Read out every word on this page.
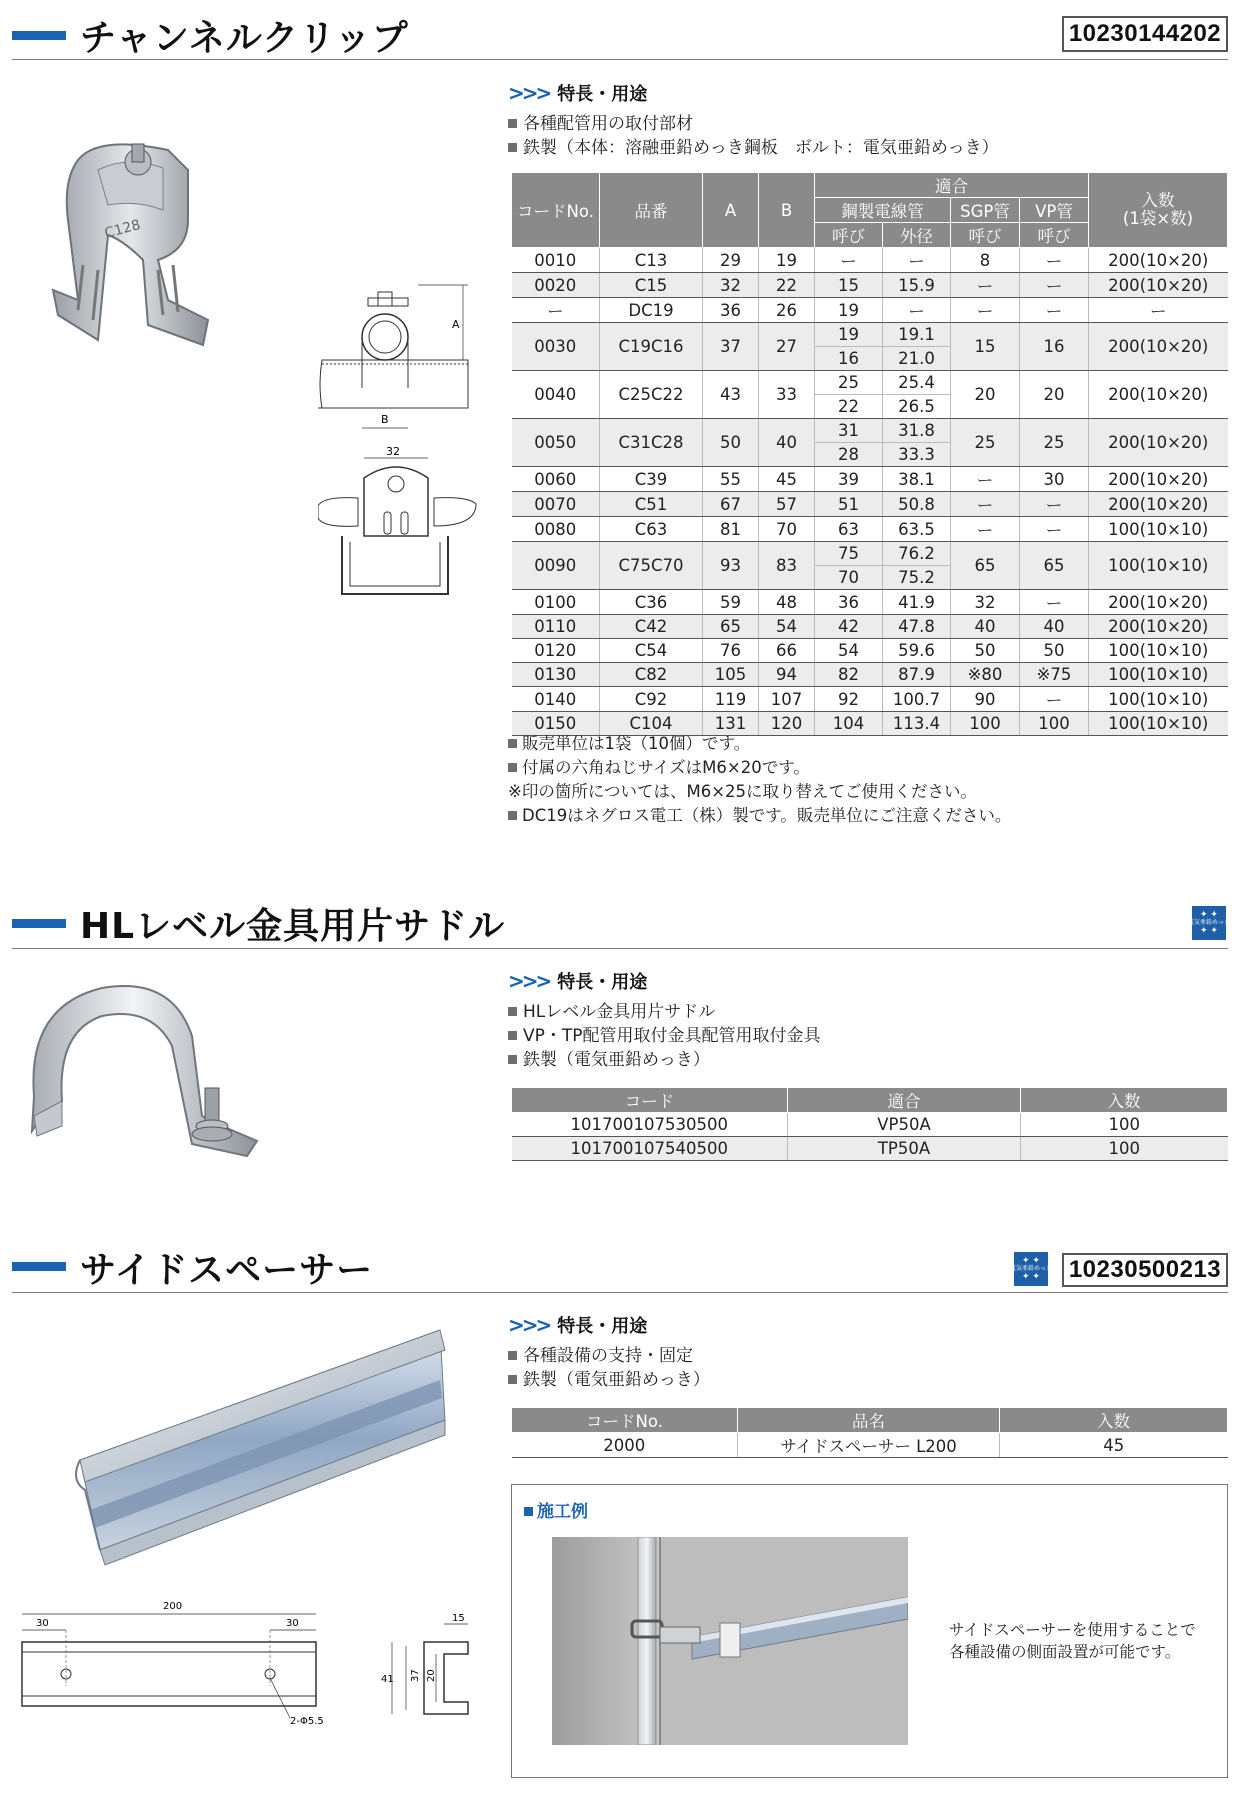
チャンネルクリップ	10230144202
C128
A
B
32
>>> 特長・用途
各種配管用の取付部材
鉄製（本体：溶融亜鉛めっき鋼板　ボルト：電気亜鉛めっき）
コードNo.	品番	A	B	適合				入数
(1袋×数)
				鋼製電線管		SGP管	VP管	
				呼び	外径	呼び	呼び	
0010	C13	29	19	ー	ー	8	ー	200(10×20)
0020	C15	32	22	15	15.9	ー	ー	200(10×20)
ー	DC19	36	26	19	ー	ー	ー	ー
0030	C19C16	37	27	19	19.1	15	16	200(10×20)
				16	21.0			
0040	C25C22	43	33	25	25.4	20	20	200(10×20)
				22	26.5			
0050	C31C28	50	40	31	31.8	25	25	200(10×20)
				28	33.3			
0060	C39	55	45	39	38.1	ー	30	200(10×20)
0070	C51	67	57	51	50.8	ー	ー	200(10×20)
0080	C63	81	70	63	63.5	ー	ー	100(10×10)
0090	C75C70	93	83	75	76.2	65	65	100(10×10)
				70	75.2			
0100	C36	59	48	36	41.9	32	ー	200(10×20)
0110	C42	65	54	42	47.8	40	40	200(10×20)
0120	C54	76	66	54	59.6	50	50	100(10×10)
0130	C82	105	94	82	87.9	※80	※75	100(10×10)
0140	C92	119	107	92	100.7	90	ー	100(10×10)
0150	C104	131	120	104	113.4	100	100	100(10×10)
販売単位は1袋（10個）です。
付属の六角ねじサイズはM6×20です。
※印の箇所については、M6×25に取り替えてご使用ください。
DC19はネグロス電工（株）製です。販売単位にご注意ください。
HLレベル金具用片サドル	✦ ✦
電気亜鉛めっき
✦ ✦
>>> 特長・用途
HLレベル金具用片サドル
VP・TP配管用取付金具配管用取付金具
鉄製（電気亜鉛めっき）
コード	適合	入数
101700107530500	VP50A	100
101700107540500	TP50A	100
サイドスペーサー	✦ ✦
電気亜鉛めっき
✦ ✦ 10230500213
200
30	30
2-Φ5.5
15
41 37 20
>>> 特長・用途
各種設備の支持・固定
鉄製（電気亜鉛めっき）
コードNo.	品名	入数
2000	サイドスペーサー L200	45
施工例
サイドスペーサーを使用することで
各種設備の側面設置が可能です。
